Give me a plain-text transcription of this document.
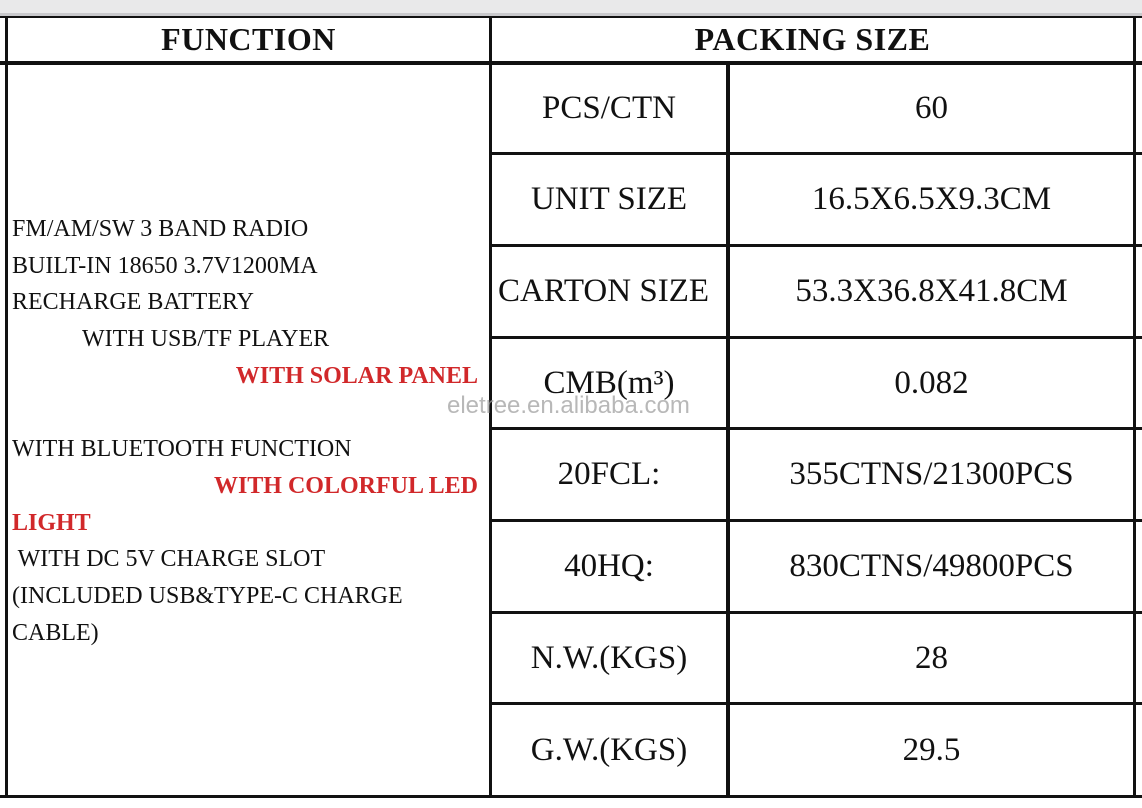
FUNCTION	PACKING SIZE
PCS/CTN	60
UNIT SIZE	16.5X6.5X9.3CM
CARTON SIZE	53.3X36.8X41.8CM
CMB(m³)	0.082
20FCL:	355CTNS/21300PCS
40HQ:	830CTNS/49800PCS
N.W.(KGS)	28
G.W.(KGS)	29.5
FM/AM/SW 3 BAND RADIO
BUILT-IN 18650 3.7V1200MA
RECHARGE BATTERY
WITH USB/TF PLAYER
WITH SOLAR PANEL
WITH BLUETOOTH FUNCTION
WITH COLORFUL LED
LIGHT
WITH DC 5V CHARGE SLOT
(INCLUDED USB&TYPE-C CHARGE
CABLE)
eletree.en.alibaba.com
